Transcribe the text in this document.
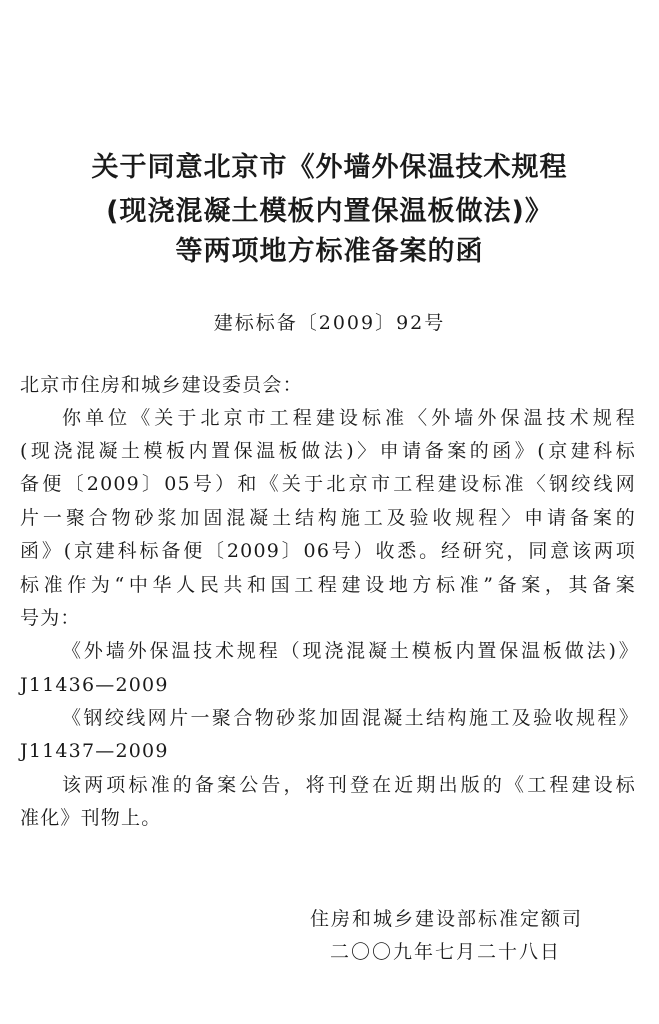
关于同意北京市《外墙外保温技术规程
(现浇混凝土模板内置保温板做法)》
等两项地方标准备案的函
建标标备〔2009〕92号
北京市住房和城乡建设委员会：
你单位《关于北京市工程建设标准〈外墙外保温技术规程
(现浇混凝土模板内置保温板做法)〉申请备案的函》(京建科标
备便〔2009〕05号）和《关于北京市工程建设标准〈钢绞线网
片一聚合物砂浆加固混凝土结构施工及验收规程〉申请备案的
函》(京建科标备便〔2009〕06号）收悉。经研究，同意该两项
标准作为“中华人民共和国工程建设地方标准”备案，其备案
号为：
《外墙外保温技术规程（现浇混凝土模板内置保温板做法)》
J11436—2009
《钢绞线网片一聚合物砂浆加固混凝土结构施工及验收规程》
J11437—2009
该两项标准的备案公告，将刊登在近期出版的《工程建设标
准化》刊物上。
住房和城乡建设部标准定额司
二〇〇九年七月二十八日
